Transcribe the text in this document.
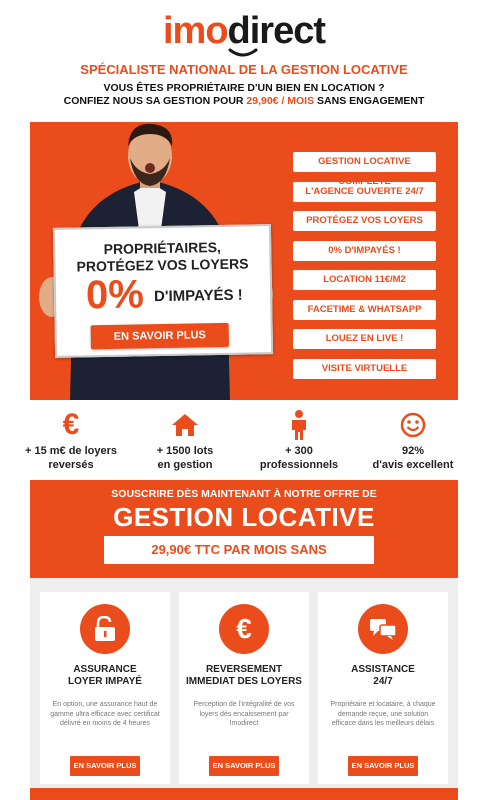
imodirect
SPÉCIALISTE NATIONAL DE LA GESTION LOCATIVE
VOUS ÊTES PROPRIÉTAIRE D'UN BIEN EN LOCATION ?
CONFIEZ NOUS SA GESTION POUR 29,90€ / MOIS SANS ENGAGEMENT
PROPRIÉTAIRES,
PROTÉGEZ VOS LOYERS
0% D'IMPAYÉS !
EN SAVOIR PLUS
GESTION LOCATIVE
L'AGENCE OUVERTE 24/7
PROTÉGEZ VOS LOYERS
0% D'IMPAYÉS !
LOCATION 11€/M2
FACETIME & WHATSAPP
LOUEZ EN LIVE !
VISITE VIRTUELLE
€
+ 15 m€ de loyers
reversés
+ 1500 lots
en gestion
+ 300
professionnels
92%
d'avis excellent
SOUSCRIRE DÈS MAINTENANT À NOTRE OFFRE DE
GESTION LOCATIVE
29,90€ TTC PAR MOIS SANS
ASSURANCE
LOYER IMPAYÉ
En option, une assurance haut de gamme ultra efficace avec certificat délivré en moins de 4 heures
EN SAVOIR PLUS
€
REVERSEMENT
IMMEDIAT DES LOYERS
Perception de l'intégralité de vos loyers dès encaissement par Imodirect
EN SAVOIR PLUS
ASSISTANCE
24/7
Propriétaire et locataire, à chaque demande reçue, une solution efficace dans les meilleurs délais
EN SAVOIR PLUS
